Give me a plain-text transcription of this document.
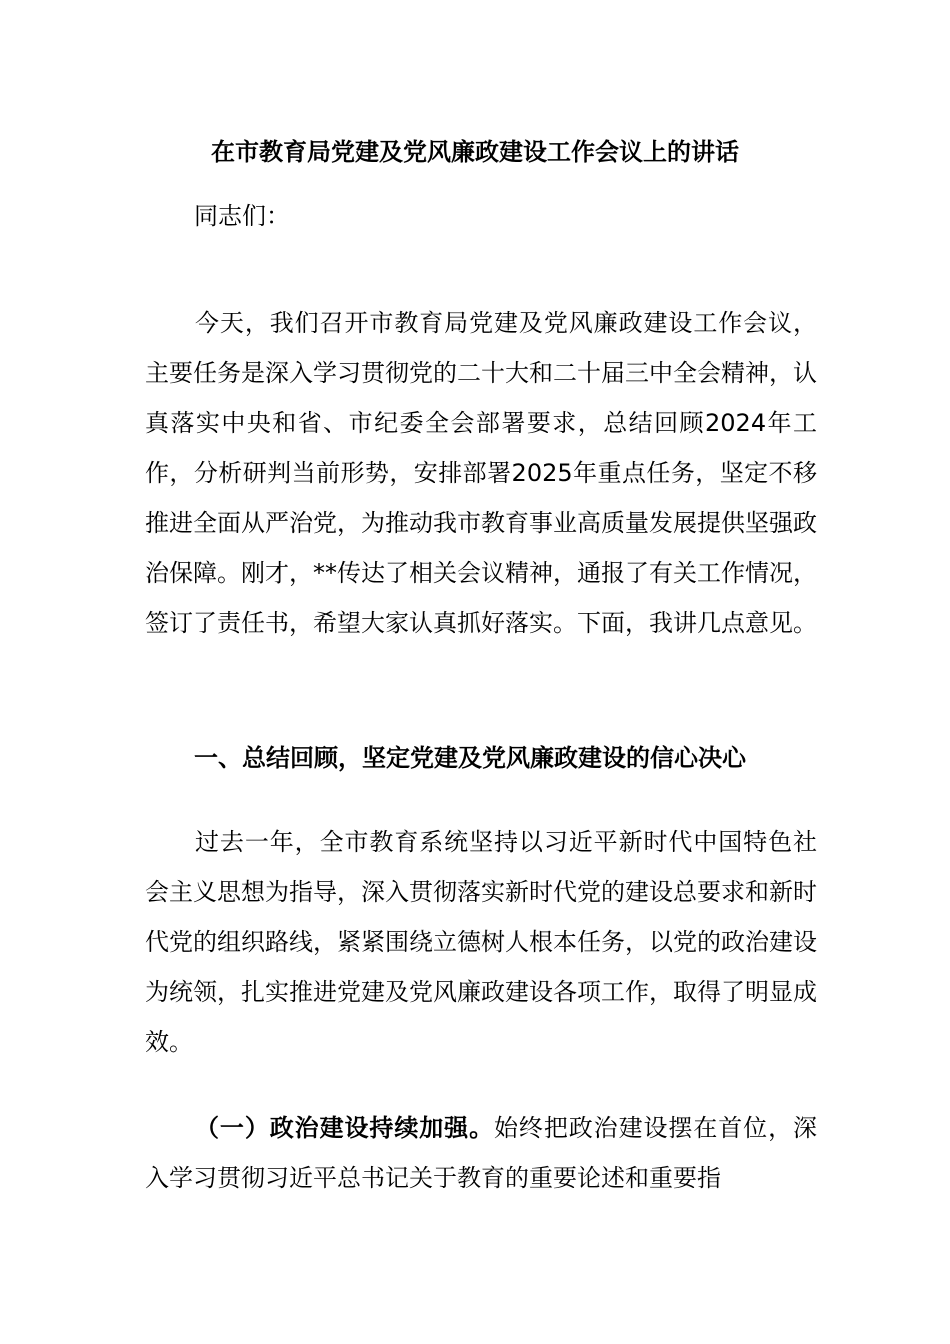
在市教育局党建及党风廉政建设工作会议上的讲话
同志们：

今天，我们召开市教育局党建及党风廉政建设工作会议，主要任务是深入学习贯彻党的二十大和二十届三中全会精神，认真落实中央和省、市纪委全会部署要求，总结回顾2024年工作，分析研判当前形势，安排部署2025年重点任务，坚定不移推进全面从严治党，为推动我市教育事业高质量发展提供坚强政治保障。刚才，**传达了相关会议精神，通报了有关工作情况，签订了责任书，希望大家认真抓好落实。下面，我讲几点意见。

一、总结回顾，坚定党建及党风廉政建设的信心决心

过去一年，全市教育系统坚持以习近平新时代中国特色社会主义思想为指导，深入贯彻落实新时代党的建设总要求和新时代党的组织路线，紧紧围绕立德树人根本任务，以党的政治建设为统领，扎实推进党建及党风廉政建设各项工作，取得了明显成效。

（一）政治建设持续加强。始终把政治建设摆在首位，深入学习贯彻习近平总书记关于教育的重要论述和重要指
